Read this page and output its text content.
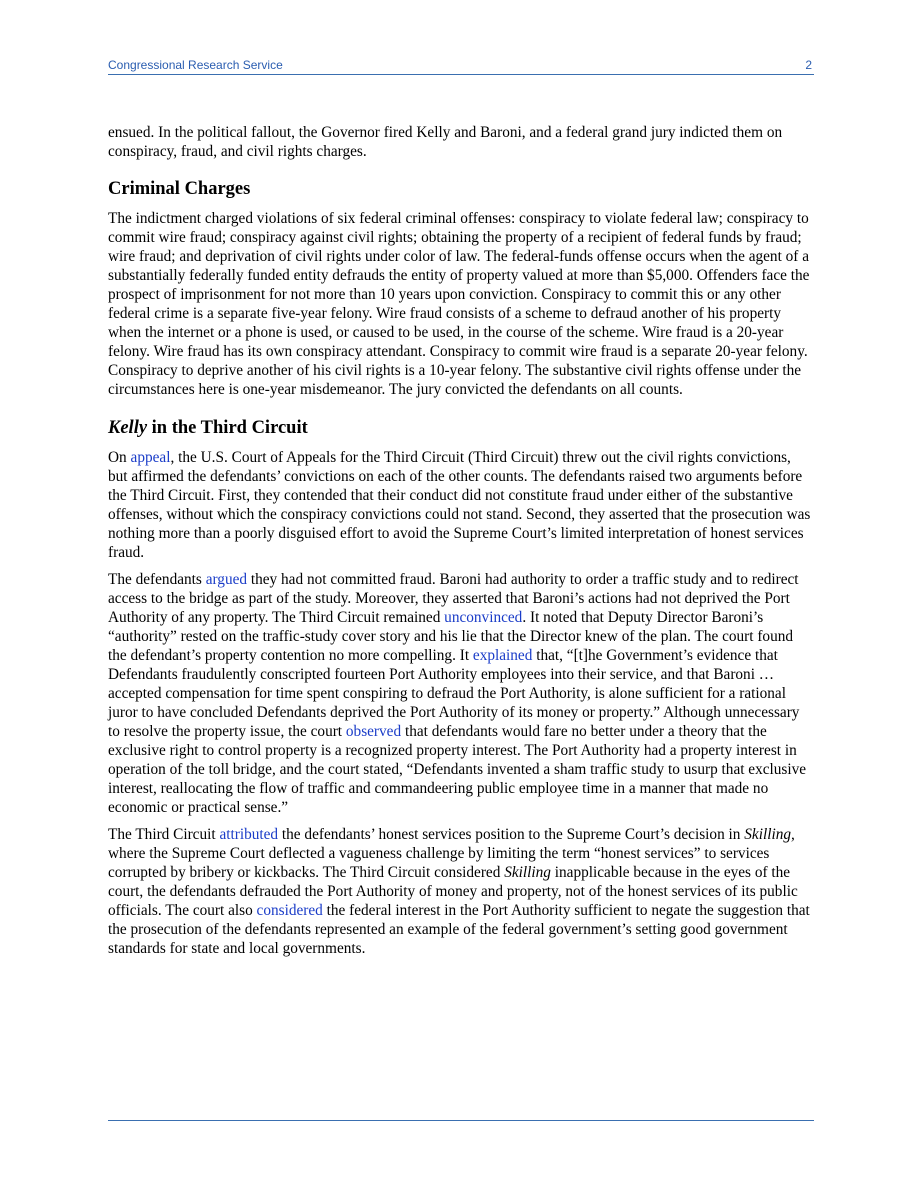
Congressional Research Service	2

ensued. In the political fallout, the Governor fired Kelly and Baroni, and a federal grand jury indicted them on conspiracy, fraud, and civil rights charges.

Criminal Charges

The indictment charged violations of six federal criminal offenses: conspiracy to violate federal law; conspiracy to commit wire fraud; conspiracy against civil rights; obtaining the property of a recipient of federal funds by fraud; wire fraud; and deprivation of civil rights under color of law. The federal-funds offense occurs when the agent of a substantially federally funded entity defrauds the entity of property valued at more than $5,000. Offenders face the prospect of imprisonment for not more than 10 years upon conviction. Conspiracy to commit this or any other federal crime is a separate five-year felony. Wire fraud consists of a scheme to defraud another of his property when the internet or a phone is used, or caused to be used, in the course of the scheme. Wire fraud is a 20-year felony. Wire fraud has its own conspiracy attendant. Conspiracy to commit wire fraud is a separate 20-year felony. Conspiracy to deprive another of his civil rights is a 10-year felony. The substantive civil rights offense under the circumstances here is one-year misdemeanor. The jury convicted the defendants on all counts.

Kelly in the Third Circuit

On appeal, the U.S. Court of Appeals for the Third Circuit (Third Circuit) threw out the civil rights convictions, but affirmed the defendants’ convictions on each of the other counts. The defendants raised two arguments before the Third Circuit. First, they contended that their conduct did not constitute fraud under either of the substantive offenses, without which the conspiracy convictions could not stand. Second, they asserted that the prosecution was nothing more than a poorly disguised effort to avoid the Supreme Court’s limited interpretation of honest services fraud.

The defendants argued they had not committed fraud. Baroni had authority to order a traffic study and to redirect access to the bridge as part of the study. Moreover, they asserted that Baroni’s actions had not deprived the Port Authority of any property. The Third Circuit remained unconvinced. It noted that Deputy Director Baroni’s “authority” rested on the traffic-study cover story and his lie that the Director knew of the plan. The court found the defendant’s property contention no more compelling. It explained that, “[t]he Government’s evidence that Defendants fraudulently conscripted fourteen Port Authority employees into their service, and that Baroni … accepted compensation for time spent conspiring to defraud the Port Authority, is alone sufficient for a rational juror to have concluded Defendants deprived the Port Authority of its money or property.” Although unnecessary to resolve the property issue, the court observed that defendants would fare no better under a theory that the exclusive right to control property is a recognized property interest. The Port Authority had a property interest in operation of the toll bridge, and the court stated, “Defendants invented a sham traffic study to usurp that exclusive interest, reallocating the flow of traffic and commandeering public employee time in a manner that made no economic or practical sense.”

The Third Circuit attributed the defendants’ honest services position to the Supreme Court’s decision in Skilling, where the Supreme Court deflected a vagueness challenge by limiting the term “honest services” to services corrupted by bribery or kickbacks. The Third Circuit considered Skilling inapplicable because in the eyes of the court, the defendants defrauded the Port Authority of money and property, not of the honest services of its public officials. The court also considered the federal interest in the Port Authority sufficient to negate the suggestion that the prosecution of the defendants represented an example of the federal government’s setting good government standards for state and local governments.
